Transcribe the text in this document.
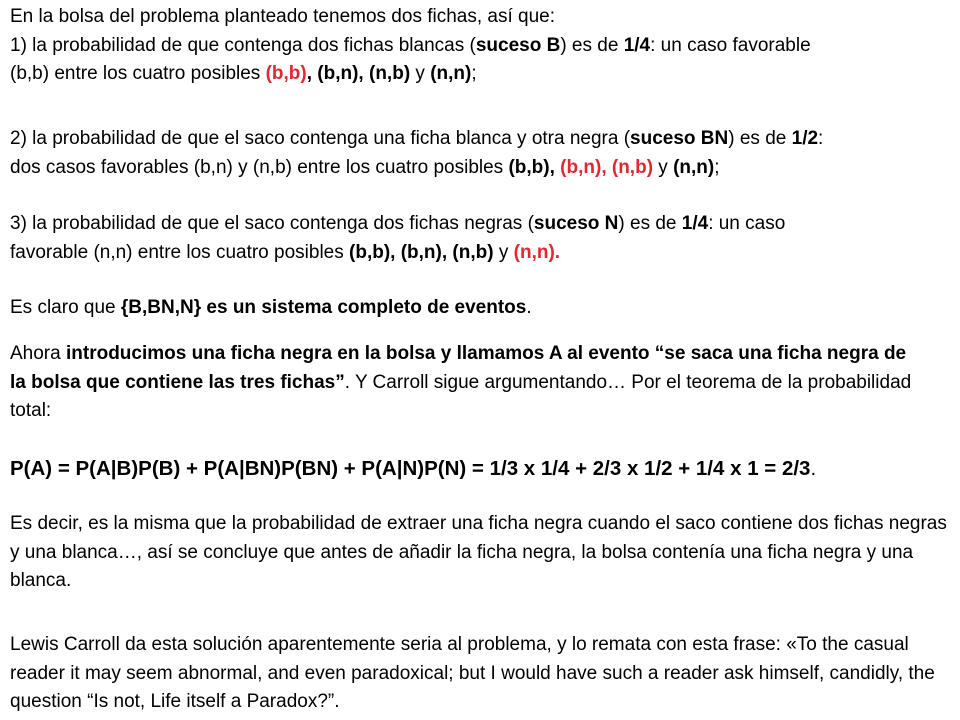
En la bolsa del problema planteado tenemos dos fichas, así que:
1) la probabilidad de que contenga dos fichas blancas (suceso B) es de 1/4: un caso favorable
(b,b) entre los cuatro posibles (b,b), (b,n), (n,b) y (n,n);
2) la probabilidad de que el saco contenga una ficha blanca y otra negra (suceso BN) es de 1/2:
dos casos favorables (b,n) y (n,b) entre los cuatro posibles (b,b), (b,n), (n,b) y (n,n);
3) la probabilidad de que el saco contenga dos fichas negras (suceso N) es de 1/4: un caso
favorable (n,n) entre los cuatro posibles (b,b), (b,n), (n,b) y (n,n).
Es claro que {B,BN,N} es un sistema completo de eventos.
Ahora introducimos una ficha negra en la bolsa y llamamos A al evento “se saca una ficha negra de la bolsa que contiene las tres fichas”. Y Carroll sigue argumentando… Por el teorema de la probabilidad total:
P(A) = P(A|B)P(B) + P(A|BN)P(BN) + P(A|N)P(N) = 1/3 x 1/4 + 2/3 x 1/2 + 1/4 x 1 = 2/3.
Es decir, es la misma que la probabilidad de extraer una ficha negra cuando el saco contiene dos fichas negras y una blanca…, así se concluye que antes de añadir la ficha negra, la bolsa contenía una ficha negra y una blanca.
Lewis Carroll da esta solución aparentemente seria al problema, y lo remata con esta frase: «To the casual reader it may seem abnormal, and even paradoxical; but I would have such a reader ask himself, candidly, the question “Is not, Life itself a Paradox?”.
